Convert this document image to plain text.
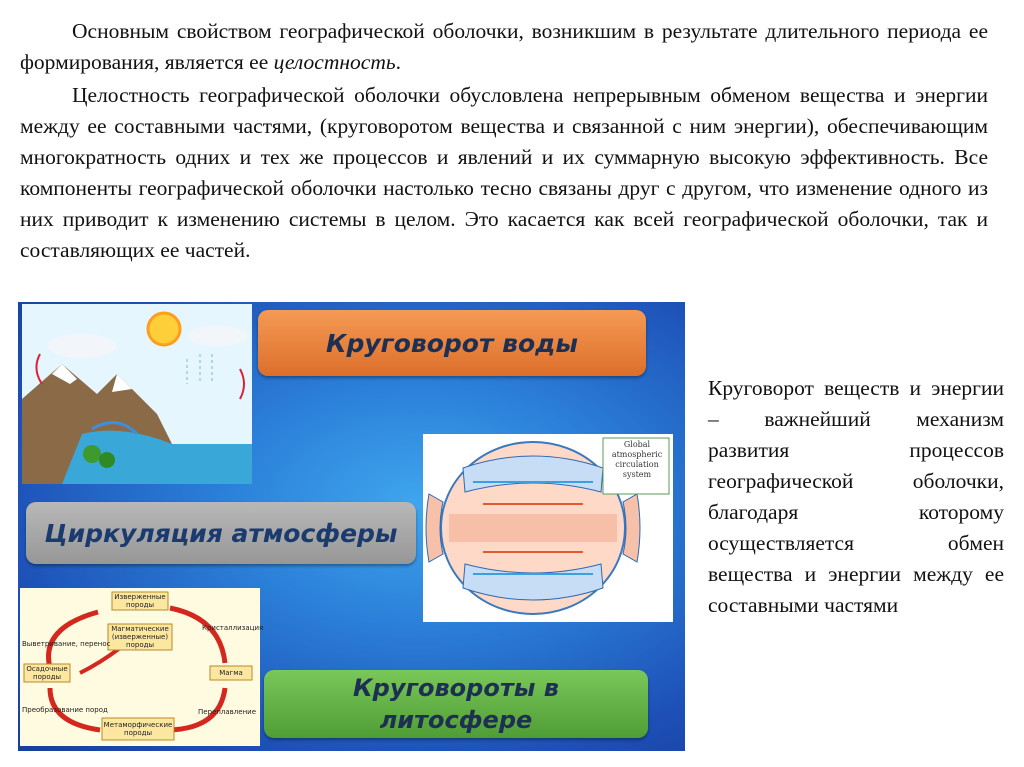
Основным свойством географической оболочки, возникшим в результате длительного периода ее формирования, является ее целостность.
Целостность географической оболочки обусловлена непрерывным обменом вещества и энергии между ее составными частями, (круговоротом вещества и связанной с ним энергии), обеспечивающим многократность одних и тех же процессов и явлений и их суммарную высокую эффективность. Все компоненты географической оболочки настолько тесно связаны друг с другом, что изменение одного из них приводит к изменению системы в целом. Это касается как всей географической оболочки, так и составляющих ее частей.
Круговорот воды
Циркуляция атмосферы
Круговороты в
литосфере
Global
atmospheric
circulation
system
Изверженные
породы
Магматические
(изверженные)
породы
Осадочные
породы	Магма
Метаморфические
породы
Выветривание, перенос
Кристаллизация
Преобразование пород	Переплавление
Круговорот веществ и энергии – важнейший механизм развития процессов географической оболочки, благодаря которому осуществляется обмен вещества и энергии между ее составными частями
